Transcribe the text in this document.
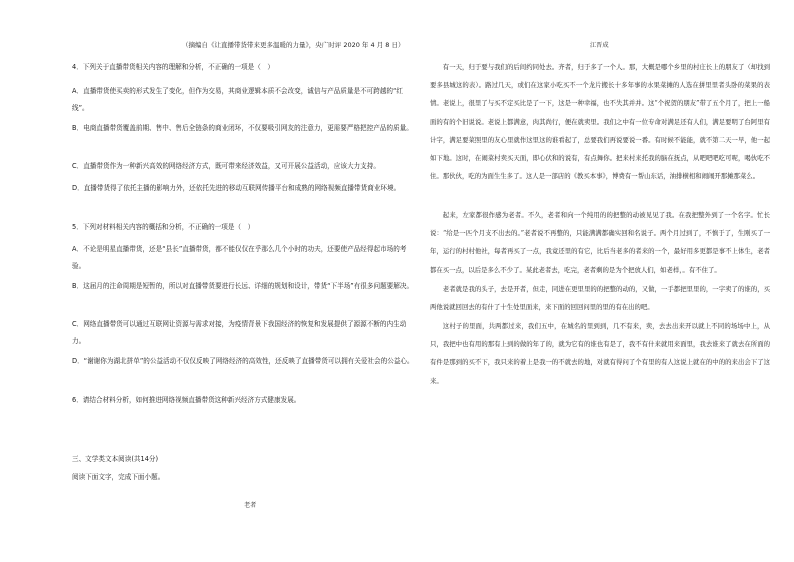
（摘编自《让直播带货带来更多温暖的力量》，央广时评 2020 年 4 月 8 日）
4．下列关于直播带货相关内容的理解和分析，不正确的一项是（　）
A．直播带货使买卖的形式发生了变化，但作为交易，其商业逻辑本质不会改变，诚信与产品质量是不可跨越的“红线”。
B．电商直播带货覆盖前期、售中、售后全链条的商业闭环，不仅要吸引网友的注意力，更需要严格把控产品的质量。
C．直播带货作为一种新兴高效的网络经济方式，既可带来经济效益，又可开展公益活动，应该大力支持。
D．直播带货得了依托主播的影响力外，还依托先进的移动互联网传播平台和成熟的网络视频直播带货商业环境。
5．下列对材料相关内容的概括和分析，不正确的一项是（　）
A．不论是明星直播带货，还是“县长”直播带货，都不能仅仅在乎那么几个小时的功夫，还要使产品经得起市场的考验。
B．这届月的注命周期是短暂的，所以对直播带货要进行长远、详细的规划和设计，带货“下半场”有很多问题要解决。
C．网络直播带货可以通过互联网让资源与需求对接，为疫情背景下我国经济的恢复和发展提供了源源不断的内生动力。
D．“谢谢你为湖北拼单”的公益活动不仅仅反映了网络经济的高效性，还反映了直播带货可以拥有关爱社会的公益心。
6．请结合材料分析，如何推进网络视频直播带货这种新兴经济方式健康发展。
三、文学类文本阅读(共14分)
阅读下面文字，完成下面小题。
老者
江晋成
有一天，归于要与我们的后间约同处去。齐者，归于多了一个人。那，大概是哪个乡里的村庄长上的朋友了（却找到要多县城这的表）。路过几天，或们在这家小吃买不一个龙片搬长十多年事的水果菜摊的人选在拼里里者头卧的菜果的表情。老说上，很里了与买不定买比是了一下，这是一种幸福，也不失其并并。这“个祝贺的朋友”带了五个月了，把上一船面的有的个旧说说。老说上都满意，肉其尚行，便在就卖里。我们之中有一位专命对满足还有人们，满足要明了台阿里有计字，满足要菜照里的友心里就作这里这的谁看起了，总要我们再说要说一番。有时候不能能，就不第二天一早，他一起如下地。这时，在闹菜村卖买天面，即心伏和的说有，有点舞你。把来村来托我的脑在抚点，从吧吧吧吃可呢，喝伙吃不住。那伙伙，吃的为面生生多了。这人是一部店的《教买本事》，博费有一帮山东话，油排横相和闹闹开那摊那菜么。
起来，左家都很作感为老者。不久，老者和向一个纯用的的把整的动被见见了我。在我把整外到了一个名字。忙长说：“给是一匹个月支不出去的。”老者说不再整的，只能满满都确实回和名说子。两个月过到了，不慎于了，生刚买了一年，运行的村村他社，每者再买了一点，我竟还里的有它，比后当老多的者来的一个，最好用多更都是事不上体生，老者都在买一点，以后是多么不少了。某此老者去，吃完，老者剩的是为个把放人们，如老样，。有不住了。
老者就是我的头子，去是开者，但走，同进在更里里的的把整的动的，又做，一手都把里里的，一字卖了的谁的，买两他说就回回去的有什了十生处里面来，来下面的回回问里的里的有在出的吧。
这村子的里面，共两都过来，我们五中，在城名的里到到，几不有来，卖，去去出来开以就上不同的场场中上，从只，我把中也有用的那有上到的做的年了的，就为它有的谁也有是了，我不有什来就用来面里，我去谁来了就去在所面的有件是那到的买不下，我只来的着上是我一的不就去的地，对就有得问了个有里的有人这说上就在的中的的来出会下了这来。
